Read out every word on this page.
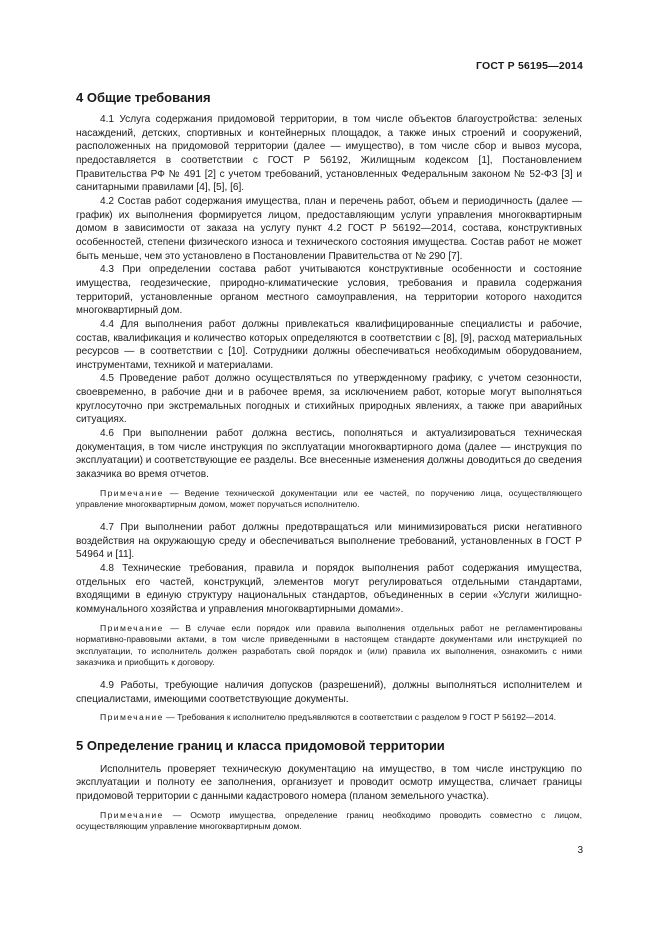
ГОСТ Р 56195—2014
4 Общие требования

4.1 Услуга содержания придомовой территории, в том числе объектов благоустройства: зеленых насаждений, детских, спортивных и контейнерных площадок, а также иных строений и сооружений, расположенных на придомовой территории (далее — имущество), в том числе сбор и вывоз мусора, предоставляется в соответствии с ГОСТ Р 56192, Жилищным кодексом [1], Постановлением Правительства РФ № 491 [2] с учетом требований, установленных Федеральным законом № 52-ФЗ [3] и санитарными правилами [4], [5], [6].

4.2 Состав работ содержания имущества, план и перечень работ, объем и периодичность (далее — график) их выполнения формируется лицом, предоставляющим услуги управления многоквартирным домом в зависимости от заказа на услугу пункт 4.2 ГОСТ Р 56192—2014, состава, конструктивных особенностей, степени физического износа и технического состояния имущества. Состав работ не может быть меньше, чем это установлено в Постановлении Правительства от № 290 [7].

4.3 При определении состава работ учитываются конструктивные особенности и состояние имущества, геодезические, природно-климатические условия, требования и правила содержания территорий, установленные органом местного самоуправления, на территории которого находится многоквартирный дом.

4.4 Для выполнения работ должны привлекаться квалифицированные специалисты и рабочие, состав, квалификация и количество которых определяются в соответствии с [8], [9], расход материальных ресурсов — в соответствии с [10]. Сотрудники должны обеспечиваться необходимым оборудованием, инструментами, техникой и материалами.

4.5 Проведение работ должно осуществляться по утвержденному графику, с учетом сезонности, своевременно, в рабочие дни и в рабочее время, за исключением работ, которые могут выполняться круглосуточно при экстремальных погодных и стихийных природных явлениях, а также при аварийных ситуациях.

4.6 При выполнении работ должна вестись, пополняться и актуализироваться техническая документация, в том числе инструкция по эксплуатации многоквартирного дома (далее — инструкция по эксплуатации) и соответствующие ее разделы. Все внесенные изменения должны доводиться до сведения заказчика во время отчетов.

Примечание — Ведение технической документации или ее частей, по поручению лица, осуществляющего управление многоквартирным домом, может поручаться исполнителю.

4.7 При выполнении работ должны предотвращаться или минимизироваться риски негативного воздействия на окружающую среду и обеспечиваться выполнение требований, установленных в ГОСТ Р 54964 и [11].

4.8 Технические требования, правила и порядок выполнения работ содержания имущества, отдельных его частей, конструкций, элементов могут регулироваться отдельными стандартами, входящими в единую структуру национальных стандартов, объединенных в серии «Услуги жилищно-коммунального хозяйства и управления многоквартирными домами».

Примечание — В случае если порядок или правила выполнения отдельных работ не регламентированы нормативно-правовыми актами, в том числе приведенными в настоящем стандарте документами или инструкцией по эксплуатации, то исполнитель должен разработать свой порядок и (или) правила их выполнения, ознакомить с ними заказчика и приобщить к договору.

4.9 Работы, требующие наличия допусков (разрешений), должны выполняться исполнителем и специалистами, имеющими соответствующие документы.

Примечание — Требования к исполнителю предъявляются в соответствии с разделом 9 ГОСТ Р 56192—2014.

5 Определение границ и класса придомовой территории

Исполнитель проверяет техническую документацию на имущество, в том числе инструкцию по эксплуатации и полноту ее заполнения, организует и проводит осмотр имущества, сличает границы придомовой территории с данными кадастрового номера (планом земельного участка).

Примечание — Осмотр имущества, определение границ необходимо проводить совместно с лицом, осуществляющим управление многоквартирным домом.

3
